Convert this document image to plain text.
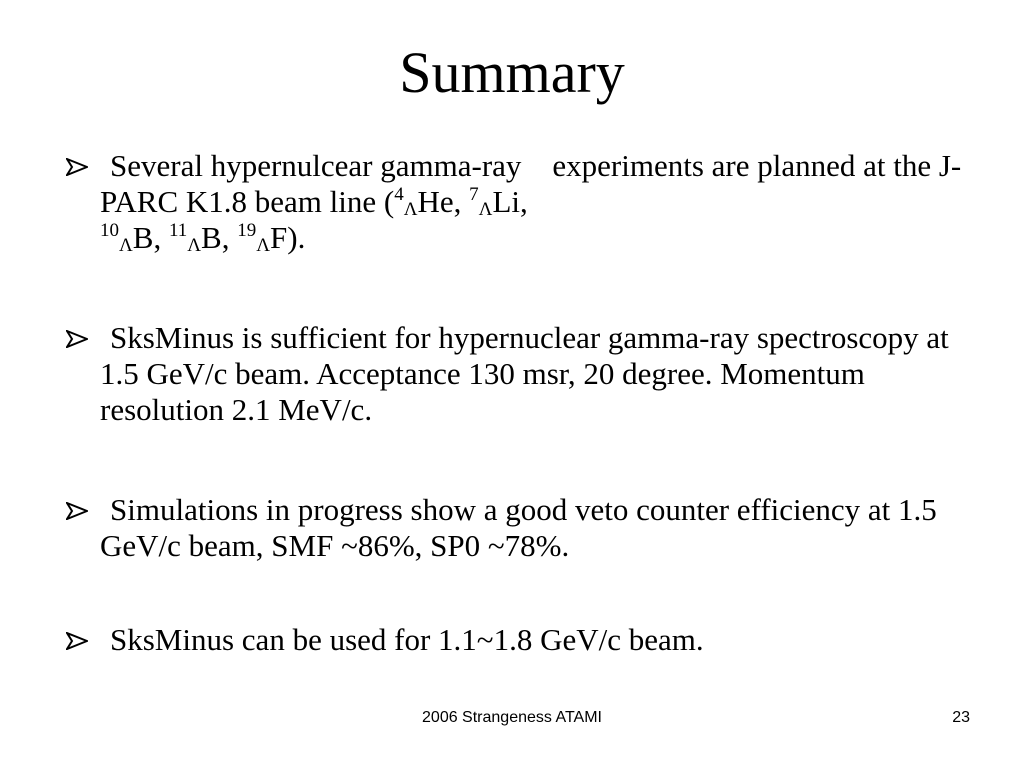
Summary
Several hypernulcear gamma-ray    experiments are planned at the J-PARC K1.8 beam line ($^4_\Lambda$He, $^7_\Lambda$Li,
$^{10}_\Lambda$B, $^{11}_\Lambda$B, $^{19}_\Lambda$F).
SksMinus is sufficient for hypernuclear gamma-ray spectroscopy at 1.5 GeV/c beam. Acceptance 130 msr, 20 degree. Momentum resolution 2.1 MeV/c.
Simulations in progress show a good veto counter efficiency at 1.5 GeV/c beam, SMF ~86%, SP0 ~78%.
SksMinus can be used for 1.1~1.8 GeV/c beam.
2006 Strangeness ATAMI	23
